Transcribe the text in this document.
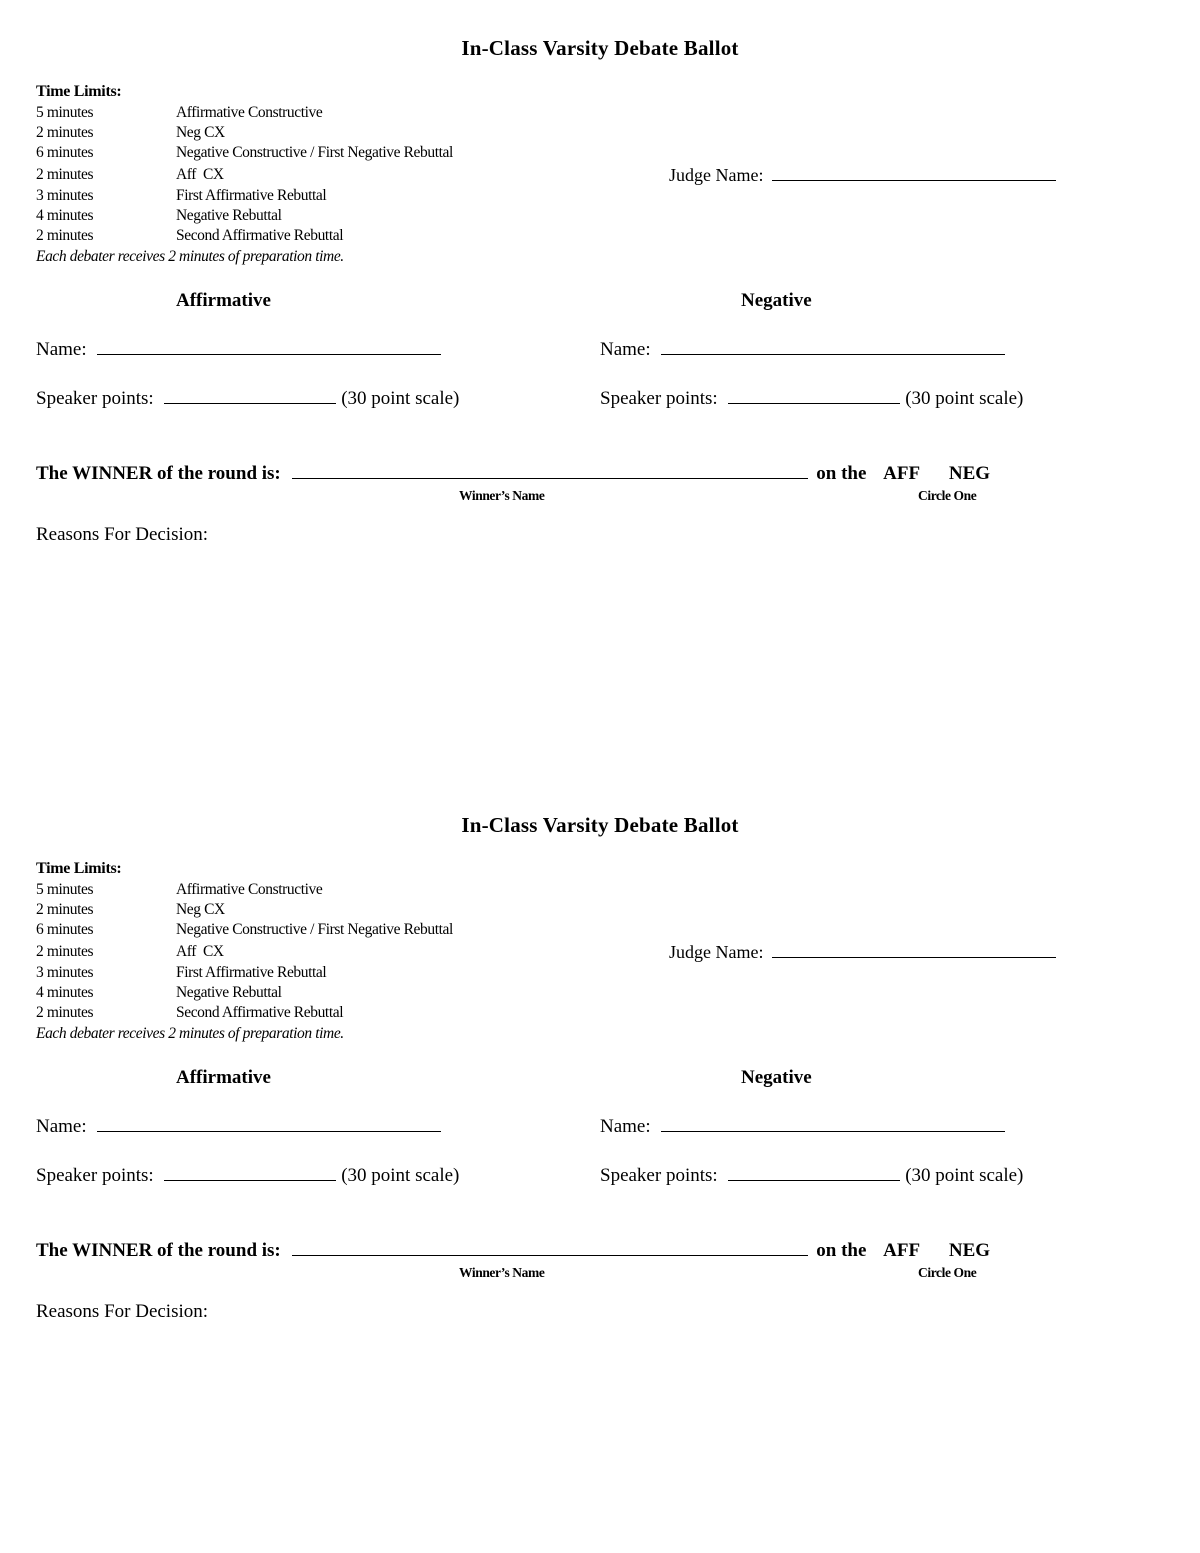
In-Class Varsity Debate Ballot
Time Limits:
5 minutes	Affirmative Constructive
2 minutes	Neg CX
6 minutes	Negative Constructive / First Negative Rebuttal
2 minutes	Aff  CX
3 minutes	First Affirmative Rebuttal
4 minutes	Negative Rebuttal
2 minutes	Second Affirmative Rebuttal
Each debater receives 2 minutes of preparation time.
Judge Name:
Affirmative	Negative
Name:	Name:
Speaker points:	(30 point scale)	Speaker points:	(30 point scale)
The WINNER of the round is:	on the AFF NEG
Winner’s Name	Circle One
Reasons For Decision:
In-Class Varsity Debate Ballot
Time Limits:
5 minutes	Affirmative Constructive
2 minutes	Neg CX
6 minutes	Negative Constructive / First Negative Rebuttal
2 minutes	Aff  CX
3 minutes	First Affirmative Rebuttal
4 minutes	Negative Rebuttal
2 minutes	Second Affirmative Rebuttal
Each debater receives 2 minutes of preparation time.
Judge Name:
Affirmative	Negative
Name:	Name:
Speaker points:	(30 point scale)	Speaker points:	(30 point scale)
The WINNER of the round is:	on the AFF NEG
Winner’s Name	Circle One
Reasons For Decision:
